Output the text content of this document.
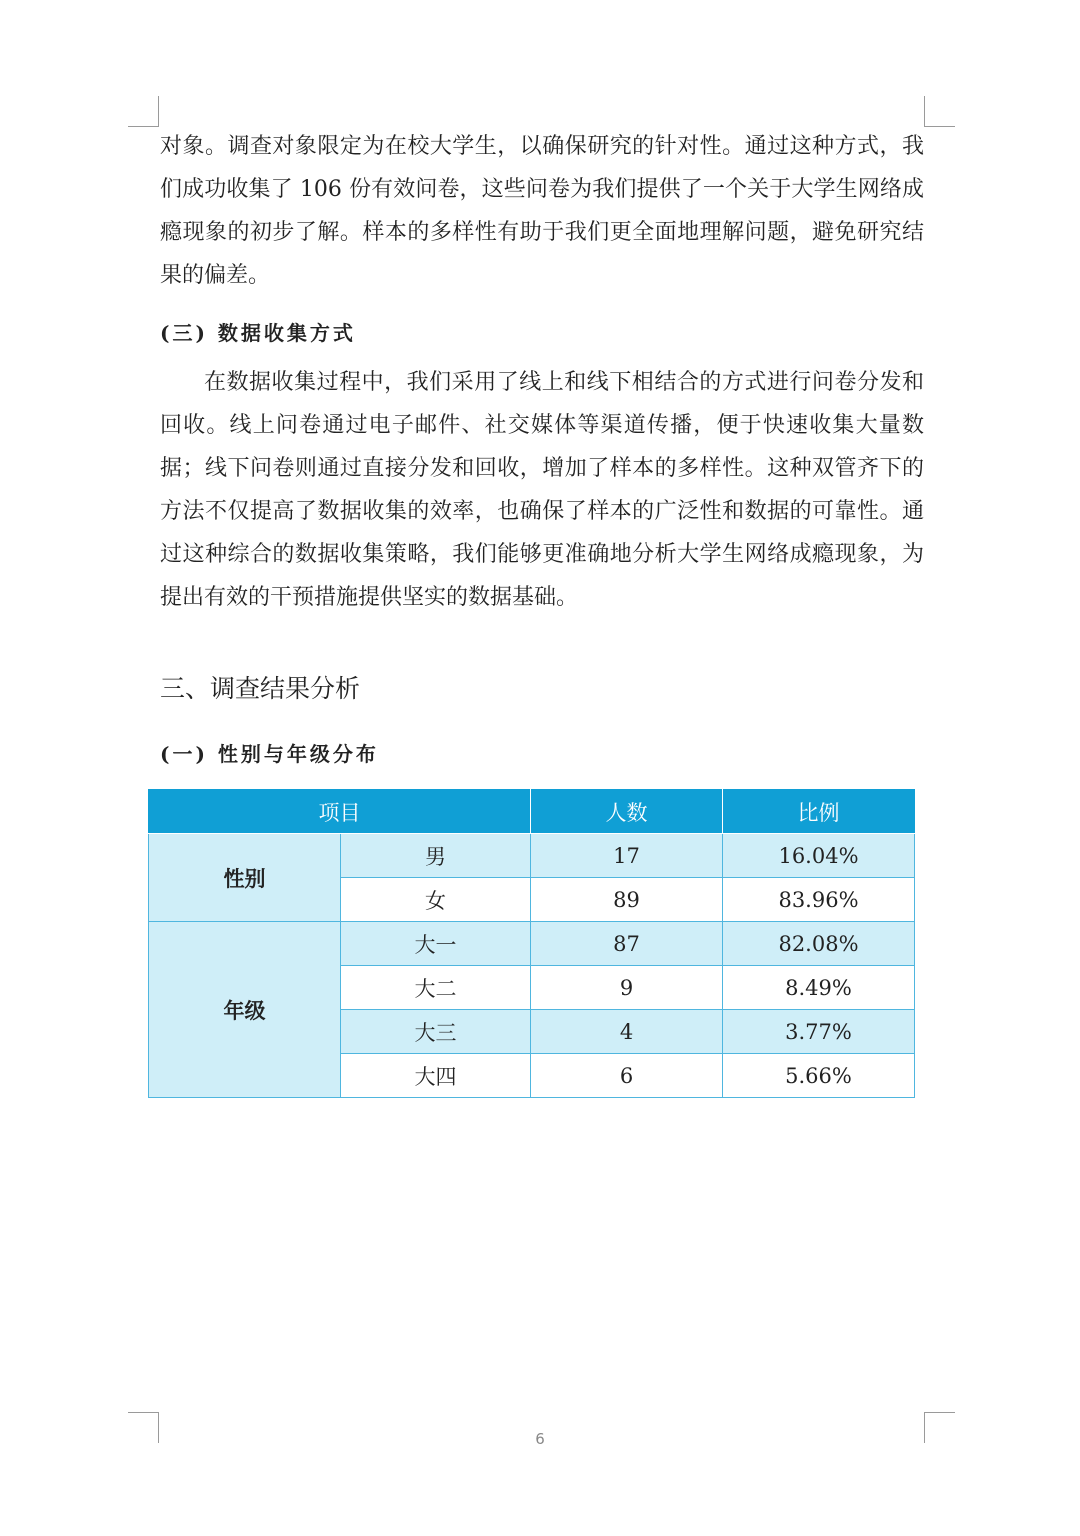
对象。调查对象限定为在校大学生，以确保研究的针对性。通过这种方式，我们成功收集了 106 份有效问卷，这些问卷为我们提供了一个关于大学生网络成瘾现象的初步了解。样本的多样性有助于我们更全面地理解问题，避免研究结果的偏差。

(三) 数据收集方式

在数据收集过程中，我们采用了线上和线下相结合的方式进行问卷分发和回收。线上问卷通过电子邮件、社交媒体等渠道传播，便于快速收集大量数据；线下问卷则通过直接分发和回收，增加了样本的多样性。这种双管齐下的方法不仅提高了数据收集的效率，也确保了样本的广泛性和数据的可靠性。通过这种综合的数据收集策略，我们能够更准确地分析大学生网络成瘾现象，为提出有效的干预措施提供坚实的数据基础。

三、调查结果分析
(一) 性别与年级分布
项目		人数	比例
性别	男	17	16.04%
	女	89	83.96%
年级	大一	87	82.08%
	大二	9	8.49%
	大三	4	3.77%
	大四	6	5.66%
6
